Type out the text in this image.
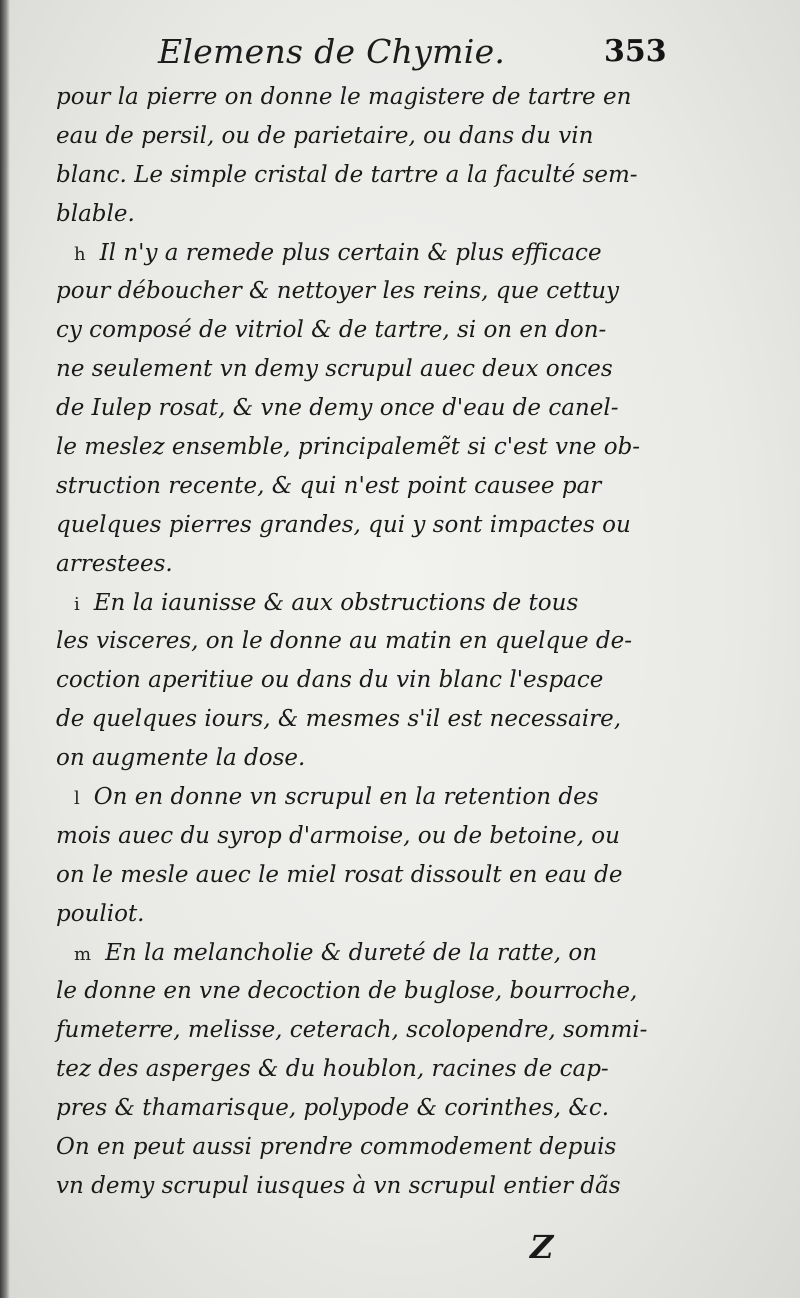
Elemens de Chymie.	353
pour la pierre on donne le magistere de tartre en
eau de persil, ou de parietaire, ou dans du vin
blanc. Le simple cristal de tartre a la faculté sem-
blable.
h Il n'y a remede plus certain & plus efficace
pour déboucher & nettoyer les reins, que cettuy
cy composé de vitriol & de tartre, si on en don-
ne seulement vn demy scrupul auec deux onces
de Iulep rosat, & vne demy once d'eau de canel-
le meslez ensemble, principalemẽt si c'est vne ob-
struction recente, & qui n'est point causee par
quelques pierres grandes, qui y sont impactes ou
arrestees.
i En la iaunisse & aux obstructions de tous
les visceres, on le donne au matin en quelque de-
coction aperitiue ou dans du vin blanc l'espace
de quelques iours, & mesmes s'il est necessaire,
on augmente la dose.
l On en donne vn scrupul en la retention des
mois auec du syrop d'armoise, ou de betoine, ou
on le mesle auec le miel rosat dissoult en eau de
pouliot.
m En la melancholie & dureté de la ratte, on
le donne en vne decoction de buglose, bourroche,
fumeterre, melisse, ceterach, scolopendre, sommi-
tez des asperges & du houblon, racines de cap-
pres & thamarisque, polypode & corinthes, &c.
On en peut aussi prendre commodement depuis
vn demy scrupul iusques à vn scrupul entier dãs
Z
